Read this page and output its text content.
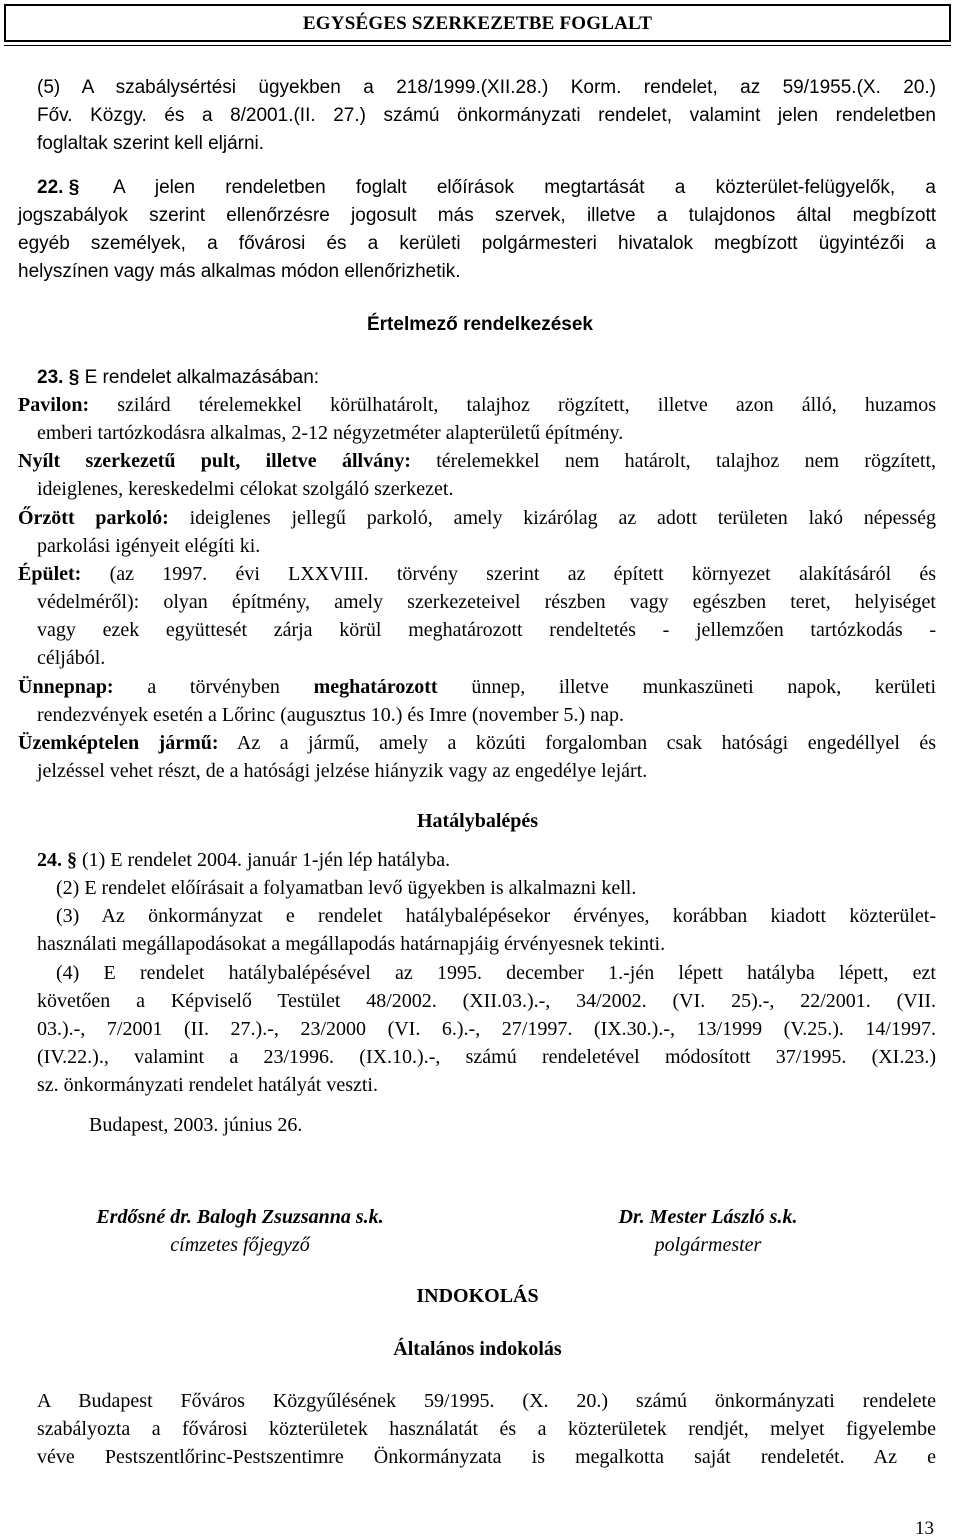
EGYSÉGES SZERKEZETBE FOGLALT
(5) A szabálysértési ügyekben a 218/1999.(XII.28.) Korm. rendelet, az 59/1955.(X. 20.)
Főv. Közgy. és a 8/2001.(II. 27.) számú önkormányzati rendelet, valamint jelen rendeletben
foglaltak szerint kell eljárni.
22. § A jelen rendeletben foglalt előírások megtartását a közterület-felügyelők, a
jogszabályok szerint ellenőrzésre jogosult más szervek, illetve a tulajdonos által megbízott
egyéb személyek, a fővárosi és a kerületi polgármesteri hivatalok megbízott ügyintézői a
helyszínen vagy más alkalmas módon ellenőrizhetik.
Értelmező rendelkezések
23. § E rendelet alkalmazásában:
Pavilon: szilárd térelemekkel körülhatárolt, talajhoz rögzített, illetve azon álló, huzamos
emberi tartózkodásra alkalmas, 2-12 négyzetméter alapterületű építmény.
Nyílt szerkezetű pult, illetve állvány: térelemekkel nem határolt, talajhoz nem rögzített,
ideiglenes, kereskedelmi célokat szolgáló szerkezet.
Őrzött parkoló: ideiglenes jellegű parkoló, amely kizárólag az adott területen lakó népesség
parkolási igényeit elégíti ki.
Épület: (az 1997. évi LXXVIII. törvény szerint az épített környezet alakításáról és
védelméről): olyan építmény, amely szerkezeteivel részben vagy egészben teret, helyiséget
vagy ezek együttesét zárja körül meghatározott rendeltetés - jellemzően tartózkodás -
céljából.
Ünnepnap: a törvényben meghatározott ünnep, illetve munkaszüneti napok, kerületi
rendezvények esetén a Lőrinc (augusztus 10.) és Imre (november 5.) nap.
Üzemképtelen jármű: Az a jármű, amely a közúti forgalomban csak hatósági engedéllyel és
jelzéssel vehet részt, de a hatósági jelzése hiányzik vagy az engedélye lejárt.
Hatálybalépés
24. § (1) E rendelet 2004. január 1-jén lép hatályba.
(2) E rendelet előírásait a folyamatban levő ügyekben is alkalmazni kell.
(3) Az önkormányzat e rendelet hatálybalépésekor érvényes, korábban kiadott közterület-
használati megállapodásokat a megállapodás határnapjáig érvényesnek tekinti.
(4) E rendelet hatálybalépésével az 1995. december 1.-jén lépett hatályba lépett, ezt
követően a Képviselő Testület 48/2002. (XII.03.).-, 34/2002. (VI. 25).-, 22/2001. (VII.
03.).-, 7/2001 (II. 27.).-, 23/2000 (VI. 6.).-, 27/1997. (IX.30.).-, 13/1999 (V.25.). 14/1997.
(IV.22.)., valamint a 23/1996. (IX.10.).-, számú rendeletével módosított 37/1995. (XI.23.)
sz. önkormányzati rendelet hatályát veszti.
Budapest, 2003. június 26.
Erdősné dr. Balogh Zsuzsanna s.k.
címzetes főjegyző
Dr. Mester László s.k.
polgármester
INDOKOLÁS
Általános indokolás
A Budapest Főváros Közgyűlésének 59/1995. (X. 20.) számú önkormányzati rendelete
szabályozta a fővárosi közterületek használatát és a közterületek rendjét, melyet figyelembe
véve Pestszentlőrinc-Pestszentimre Önkormányzata is megalkotta saját rendeletét. Az e
13
